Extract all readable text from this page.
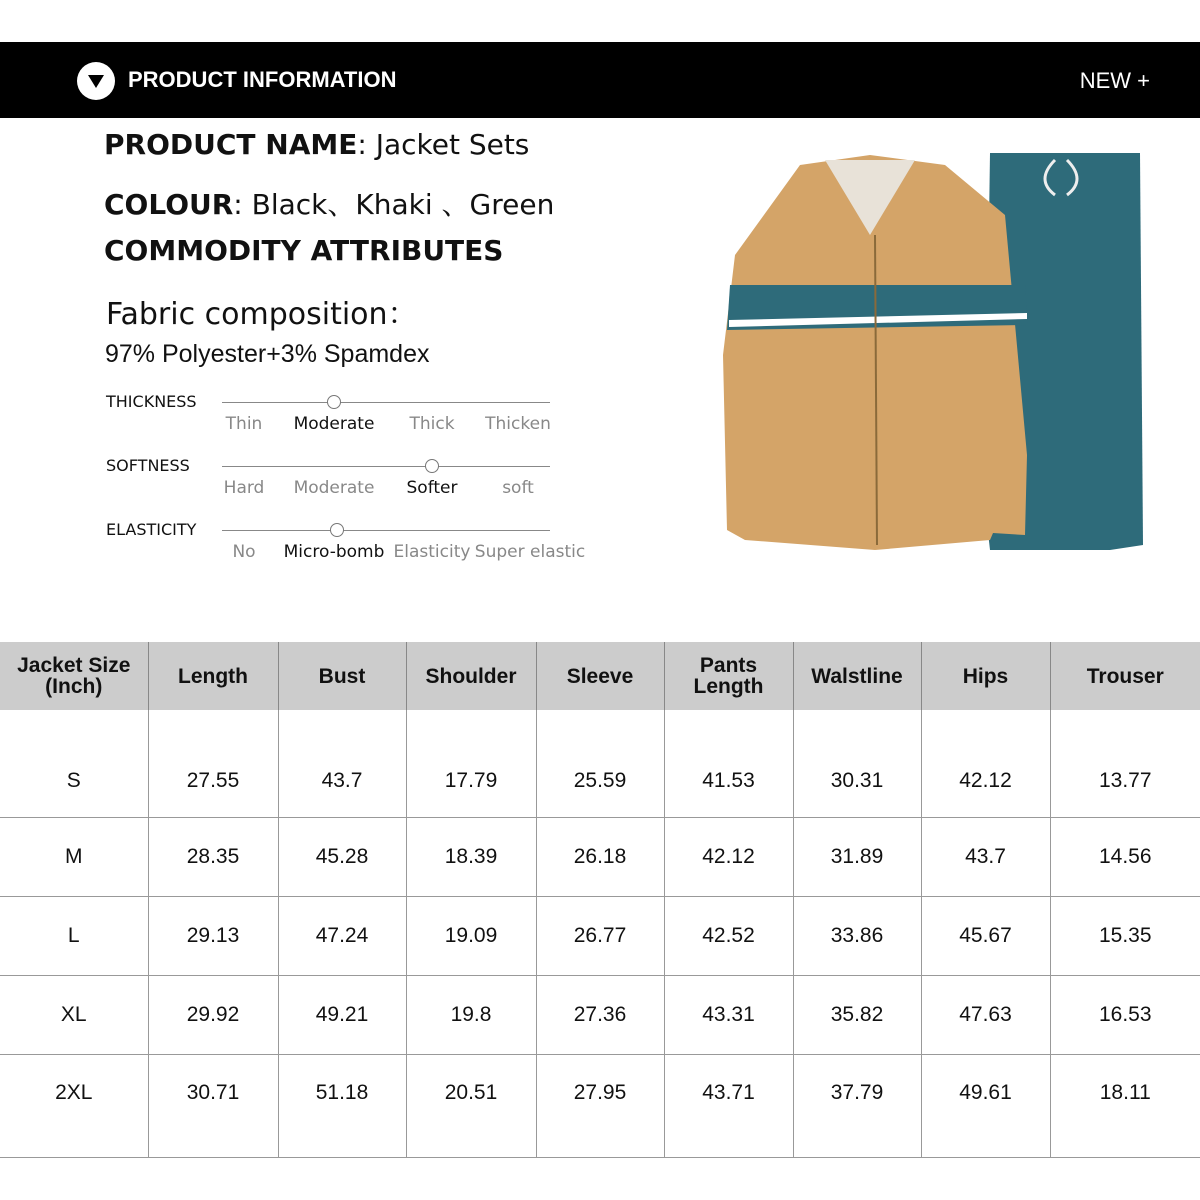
PRODUCT INFORMATION	NEW +
PRODUCT NAME: Jacket Sets
COLOUR: Black、Khaki 、Green
COMMODITY ATTRIBUTES
Fabric composition：
97% Polyester+3% Spamdex
THICKNESS
Thin Moderate Thick Thicken
SOFTNESS
Hard Moderate Softer	soft
ELASTICITY
No Micro-bomb Elasticity Super elastic
Jacket Size
(Inch)	Length	Bust	Shoulder	Sleeve	Pants Length	Walstline	Hips	Trouser
S	27.55	43.7	17.79	25.59	41.53	30.31	42.12	13.77
M	28.35	45.28	18.39	26.18	42.12	31.89	43.7	14.56
L	29.13	47.24	19.09	26.77	42.52	33.86	45.67	15.35
XL	29.92	49.21	19.8	27.36	43.31	35.82	47.63	16.53
2XL	30.71	51.18	20.51	27.95	43.71	37.79	49.61	18.11
